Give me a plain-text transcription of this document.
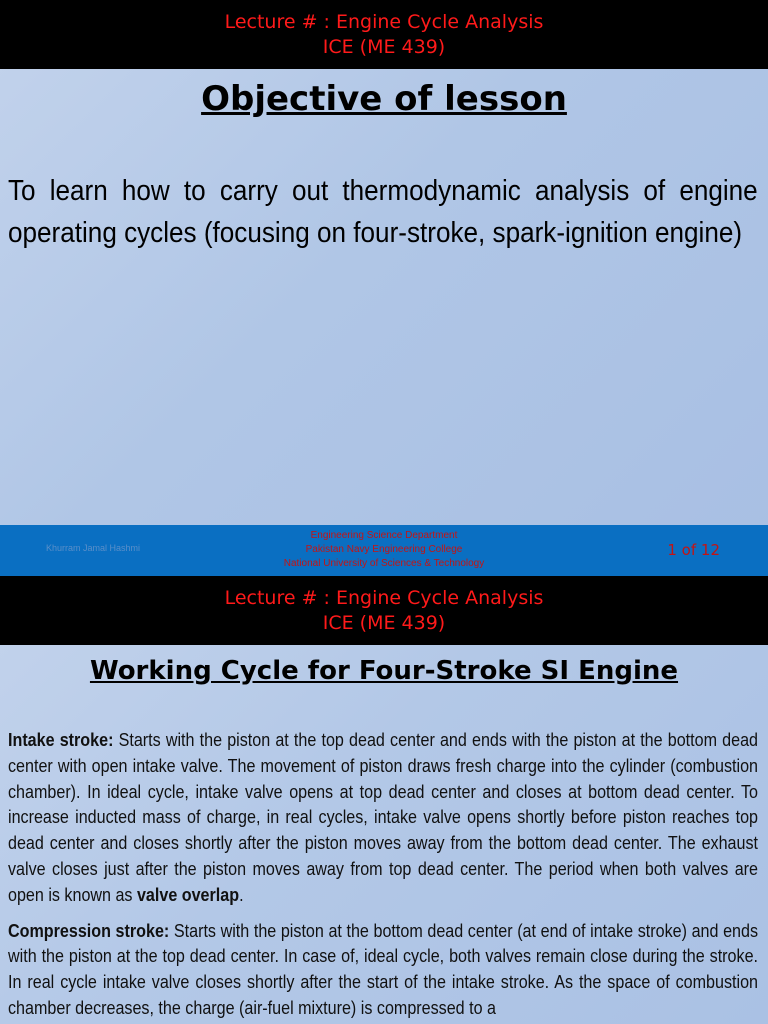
Lecture # : Engine Cycle Analysis
ICE (ME 439)
Objective of lesson
To learn how to carry out thermodynamic analysis of engine operating cycles (focusing on four-stroke, spark-ignition engine)
Khurram Jamal Hashmi
Engineering Science Department
Pakistan Navy Engineering College
National University of Sciences & Technology
1 of 12
Lecture # : Engine Cycle Analysis
ICE (ME 439)
Working Cycle for Four-Stroke SI Engine

Intake stroke: Starts with the piston at the top dead center and ends with the piston at the bottom dead center with open intake valve. The movement of piston draws fresh charge into the cylinder (combustion chamber). In ideal cycle, intake valve opens at top dead center and closes at bottom dead center. To increase inducted mass of charge, in real cycles, intake valve opens shortly before piston reaches top dead center and closes shortly after the piston moves away from the bottom dead center. The exhaust valve closes just after the piston moves away from top dead center. The period when both valves are open is known as valve overlap.

Compression stroke: Starts with the piston at the bottom dead center (at end of intake stroke) and ends with the piston at the top dead center. In case of, ideal cycle, both valves remain close during the stroke. In real cycle intake valve closes shortly after the start of the intake stroke. As the space of combustion chamber decreases, the charge (air-fuel mixture) is compressed to a
